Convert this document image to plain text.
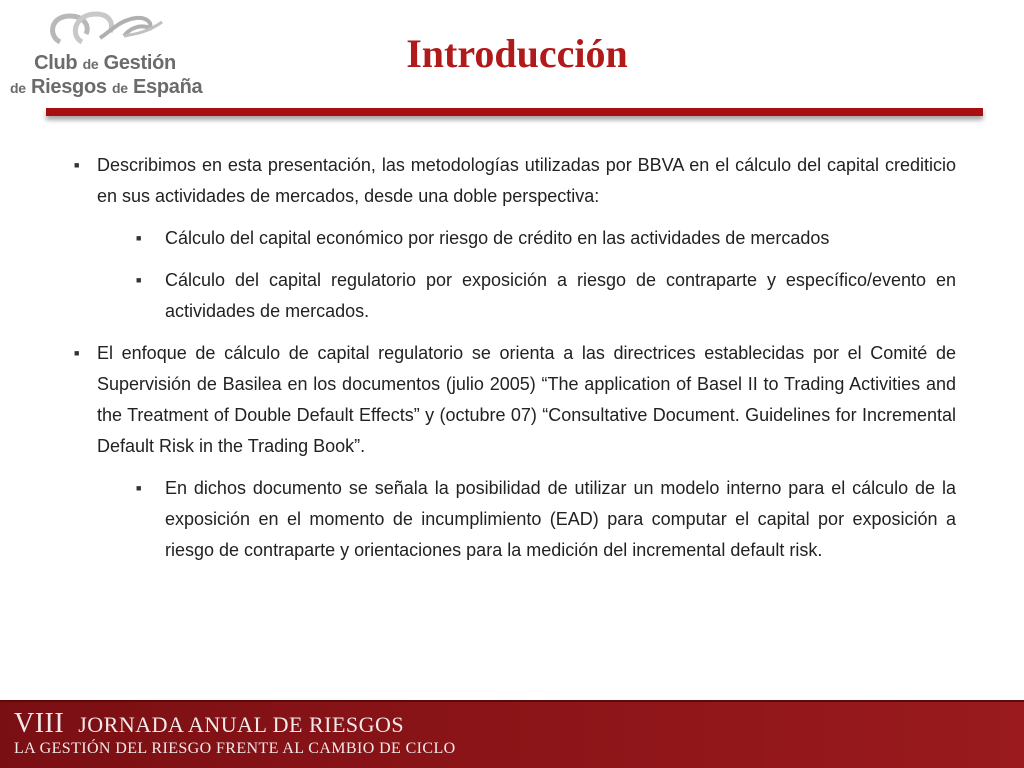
Club de Gestión
de Riesgos de España
Introducción
■ Describimos en esta presentación, las metodologías utilizadas por BBVA en el cálculo del capital crediticio en sus actividades de mercados, desde una doble perspectiva:
■ Cálculo del capital económico por riesgo de crédito en las actividades de mercados
■ Cálculo del capital regulatorio por exposición a riesgo de contraparte y específico/evento en actividades de mercados.
■ El enfoque de cálculo de capital regulatorio se orienta a las directrices establecidas por el Comité de Supervisión de Basilea en los documentos (julio 2005) “The application of Basel II to Trading Activities and the Treatment of Double Default Effects” y (octubre 07) “Consultative Document. Guidelines for Incremental Default Risk in the Trading Book”.
■ En dichos documento se señala la posibilidad de utilizar un modelo interno para el cálculo de la exposición en el momento de incumplimiento (EAD) para computar el capital por exposición a riesgo de contraparte y orientaciones para la medición del incremental default risk.
VIII JORNADA ANUAL DE RIESGOS
LA GESTIÓN DEL RIESGO FRENTE AL CAMBIO DE CICLO
